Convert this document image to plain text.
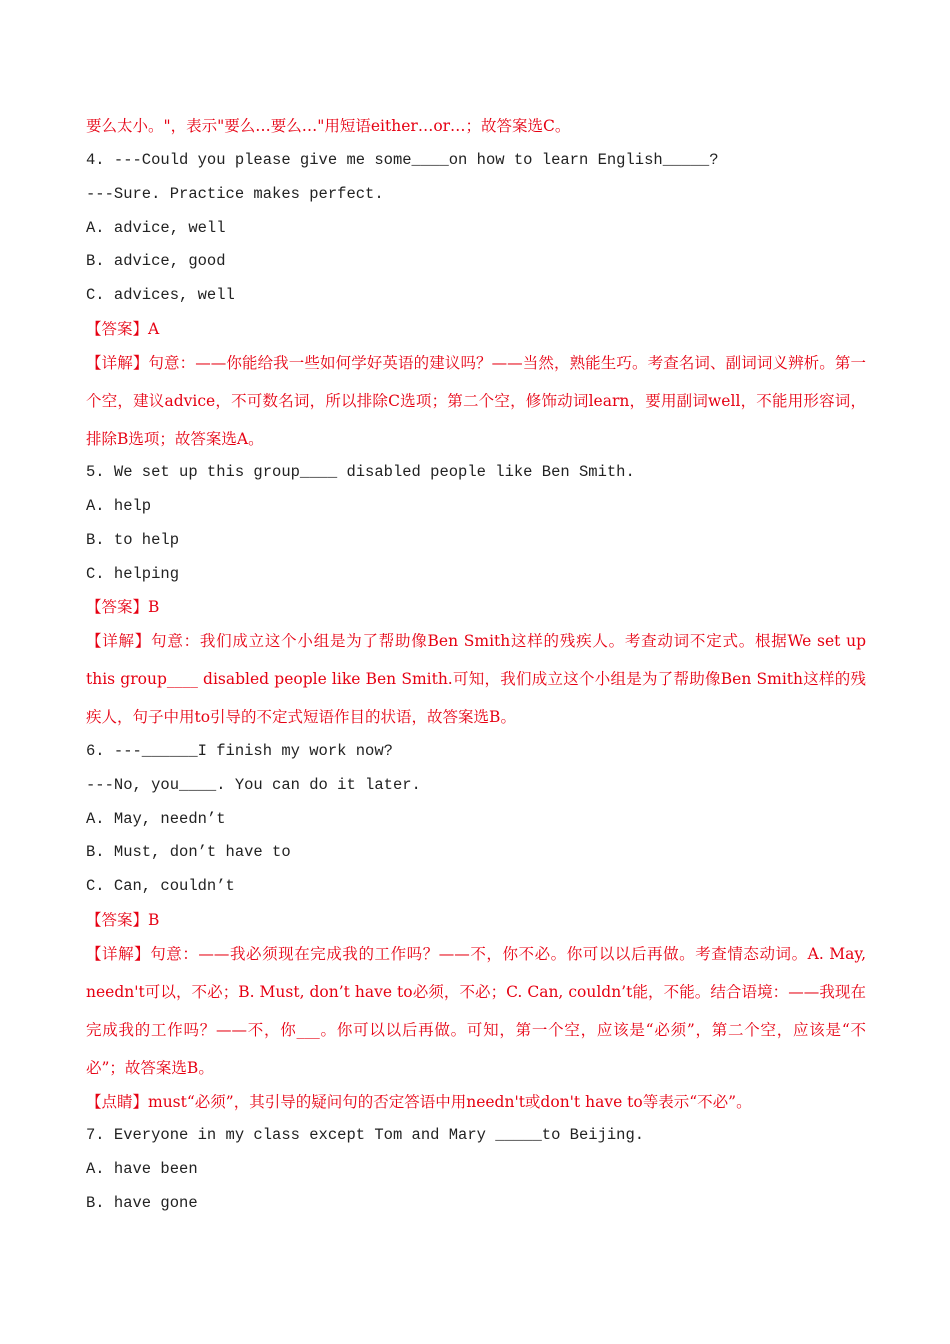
要么太小。"，表示"要么…要么…"用短语either…or…；故答案选C。
4. ---Could you please give me some____on how to learn English_____?
---Sure. Practice makes perfect.
A. advice, well
B. advice, good
C. advices, well
【答案】A
【详解】句意：——你能给我一些如何学好英语的建议吗？——当然，熟能生巧。考查名词、副词词义辨析。第一个空，建议advice，不可数名词，所以排除C选项；第二个空，修饰动词learn，要用副词well，不能用形容词，排除B选项；故答案选A。
5. We set up this group____ disabled people like Ben Smith.
A. help
B. to help
C. helping
【答案】B
【详解】句意：我们成立这个小组是为了帮助像Ben Smith这样的残疾人。考查动词不定式。根据We set up this group____ disabled people like Ben Smith.可知，我们成立这个小组是为了帮助像Ben Smith这样的残疾人，句子中用to引导的不定式短语作目的状语，故答案选B。
6. ---______I finish my work now?
---No, you____. You can do it later.
A. May, needn’t
B. Must, don’t have to
C. Can, couldn’t
【答案】B
【详解】句意：——我必须现在完成我的工作吗？——不，你不必。你可以以后再做。考查情态动词。A. May, needn't可以，不必；B. Must, don’t have to必须，不必；C. Can, couldn’t能，不能。结合语境：——我现在完成我的工作吗？——不，你___。你可以以后再做。可知，第一个空，应该是“必须”，第二个空，应该是“不必”；故答案选B。
【点睛】must“必须”，其引导的疑问句的否定答语中用needn't或don't have to等表示“不必”。
7. Everyone in my class except Tom and Mary _____to Beijing.
A. have been
B. have gone
